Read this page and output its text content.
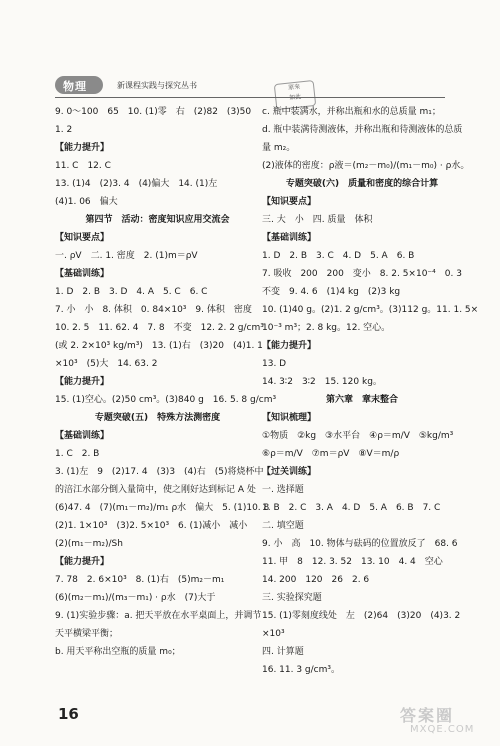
物理	新课程实践与探究丛书	原来
9. 0～100　65　10. (1)零　右　(2)82　(3)50
1. 2
【能力提升】
11. C　12. C
13. (1)4　(2)3. 4　(4)偏大　14. (1)左
(4)1. 06　偏大
第四节　活动：密度知识应用交流会
【知识要点】
一. ρV　二. 1. 密度　2. (1)m＝ρV
【基础训练】
1. D　2. B　3. D　4. A　5. C　6. C
7. 小　小　8. 体积　0. 84×10³　9. 体积　密度
10. 2. 5　11. 62. 4　7. 8　不变　12. 2. 2 g/cm³
(或 2. 2×10³ kg/m³)　13. (1)右　(3)20　(4)1. 1
×10³　(5)大　14. 63. 2
【能力提升】
15. (1)空心。(2)50 cm³。(3)840 g　16. 5. 8 g/cm³
专题突破(五)　特殊方法测密度
【基础训练】
1. C　2. B
3. (1)左　9　(2)17. 4　(3)3　(4)右　(5)将烧杯中
的涪江水部分倒入量筒中，使之刚好达到标记 A 处
(6)47. 4　(7)(m₁－m₂)/m₁ ρ水　偏大　5. (1)10. 8
(2)1. 1×10³　(3)2. 5×10³　6. (1)减小　减小
(2)(m₁－m₂)/Sh
【能力提升】
7. 78　2. 6×10³　8. (1)右　(5)m₂－m₁
(6)(m₂－m₁)/(m₃－m₁) · ρ水　(7)大于
9. (1)实验步骤：a. 把天平放在水平桌面上，并调节
天平横梁平衡；
b. 用天平称出空瓶的质量 m₀；
c. 瓶中装满水，并称出瓶和水的总质量 m₁；
d. 瓶中装满待测液体，并称出瓶和待测液体的总质
量 m₂。
(2)液体的密度：ρ液＝(m₂－m₀)/(m₁－m₀) · ρ水。
专题突破(六)　质量和密度的综合计算
【知识要点】
三. 大　小　四. 质量　体积
【基础训练】
1. D　2. B　3. C　4. D　5. A　6. B
7. 吸收　200　200　变小　8. 2. 5×10⁻⁴　0. 3
不变　9. 4. 6　(1)4 kg　(2)3 kg
10. (1)40 g。(2)1. 2 g/cm³。(3)112 g。11. 1. 5×
10⁻³ m³；2. 8 kg。12. 空心。
【能力提升】
13. D
14. 3∶2　3∶2　15. 120 kg。
第六章　章末整合
【知识梳理】
①物质　②kg　③水平台　④ρ＝m/V　⑤kg/m³
⑥ρ＝m/V　⑦m＝ρV　⑧V＝m/ρ
【过关训练】
一. 选择题
1. B　2. C　3. A　4. D　5. A　6. B　7. C
二. 填空题
9. 小　高　10. 物体与砝码的位置放反了　68. 6
11. 甲　8　12. 3. 52　13. 10　4. 4　空心
14. 200　120　26　2. 6
三. 实验探究题
15. (1)零刻度线处　左　(2)64　(3)20　(4)3. 2
×10³
四. 计算题
16. 11. 3 g/cm³。
16	答案圈
MXQE.COM
